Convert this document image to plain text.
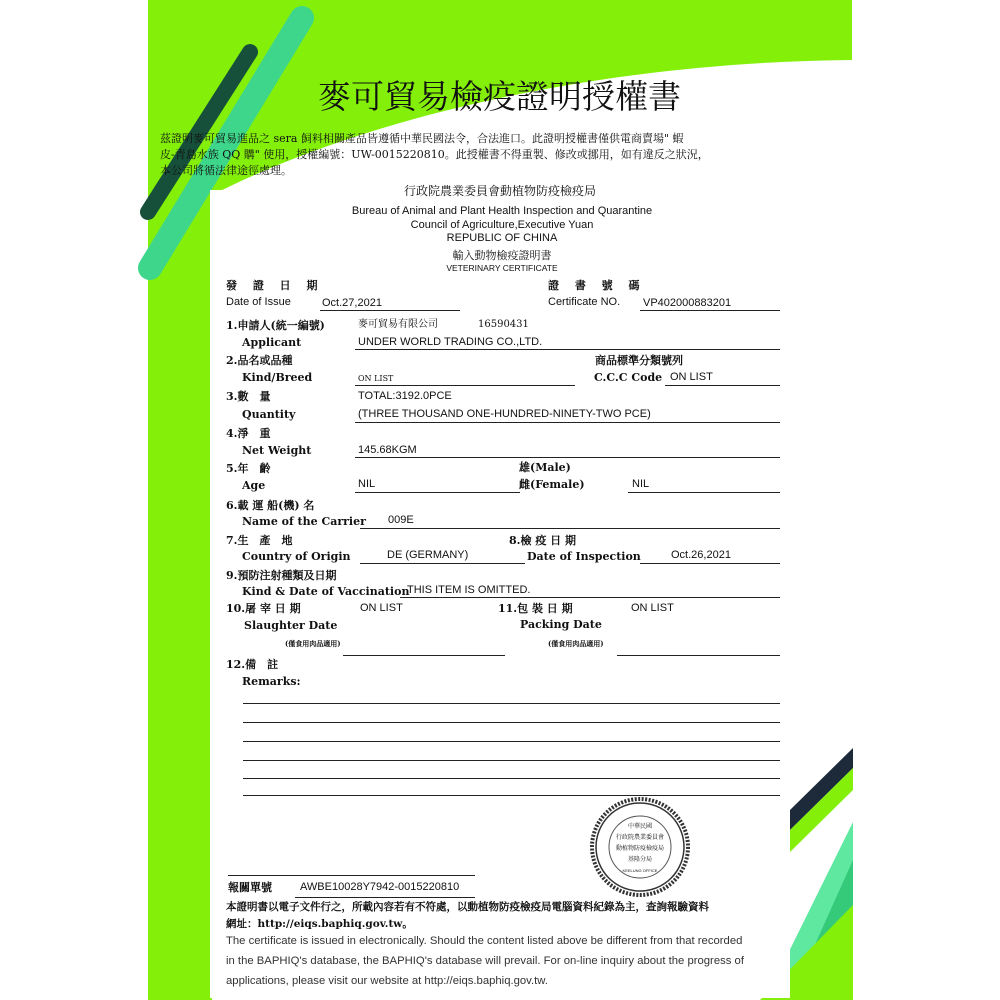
麥可貿易檢疫證明授權書
茲證明麥可貿易進品之 sera 飼料相關產品皆遵循中華民國法令，合法進口。此證明授權書僅供電商賣場" 蝦
皮-青島水族 QQ 購" 使用，授權編號：UW-0015220810。此授權書不得重製、修改或挪用，如有違反之狀況，
本公司將循法律途徑處理。
行政院農業委員會動植物防疫檢疫局
Bureau of Animal and Plant Health Inspection and Quarantine
Council of Agriculture,Executive Yuan
REPUBLIC OF CHINA
輸入動物檢疫證明書
VETERINARY CERTIFICATE
發 證 日 期	證 書 號 碼
Date of Issue	Oct.27,2021	Certificate NO. VP402000883201
1.申請人(統一編號)	麥可貿易有限公司	16590431
Applicant	UNDER WORLD TRADING CO.,LTD.
2.品名或品種	商品標準分類號列
Kind/Breed	ON LIST	C.C.C Code ON LIST
3.數　量	TOTAL:3192.0PCE
Quantity	(THREE THOUSAND ONE-HUNDRED-NINETY-TWO PCE)
4.淨　重
Net Weight	145.68KGM
5.年　齡	雄(Male)
Age	NIL	雌(Female)	NIL
6.載 運 船(機) 名
Name of the Carrier 009E
7.生　產　地	8.檢 疫 日 期
Country of Origin	DE (GERMANY)	Date of Inspection	Oct.26,2021
9.預防注射種類及日期
Kind & Date of Vaccination
THIS ITEM IS OMITTED.
10.屠 宰 日 期	ON LIST	11.包 裝 日 期	ON LIST
Slaughter Date	Packing Date
(僅食用肉品適用)	(僅食用肉品適用)
12.備　註
Remarks:
中華民國
行政院農業委員會
動植物防疫檢疫局
基隆分局
KEELUNG OFFICE
報關單號	AWBE10028Y7942-0015220810
本證明書以電子文件行之，所載內容若有不符處，以動植物防疫檢疫局電腦資料紀錄為主，查詢報驗資料
網址：http://eiqs.baphiq.gov.tw。
The certificate is issued in electronically. Should the content listed above be different from that recorded
in the BAPHIQ's database, the BAPHIQ's database will prevail. For on-line inquiry about the progress of
applications, please visit our website at http://eiqs.baphiq.gov.tw.
